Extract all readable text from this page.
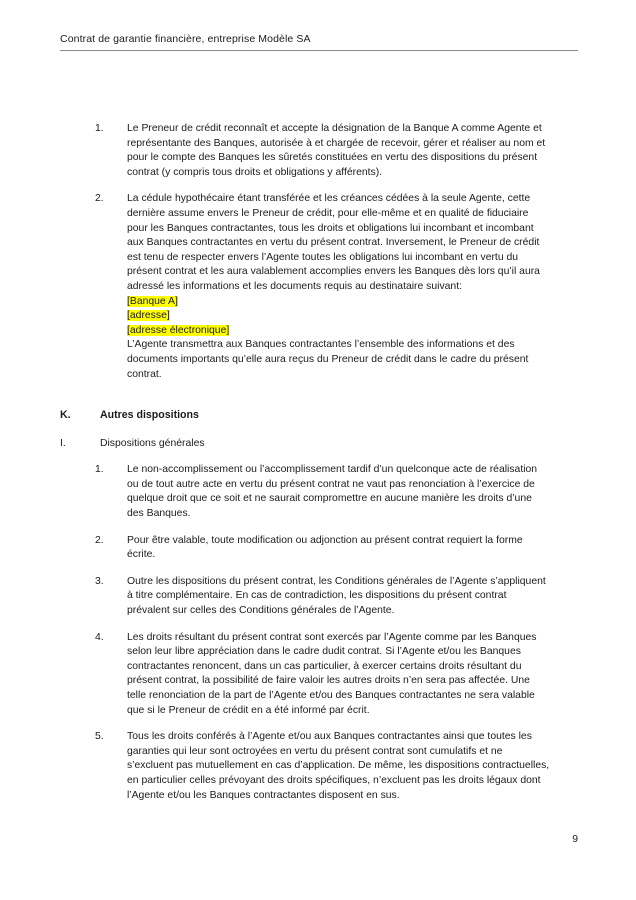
Contrat de garantie financière, entreprise Modèle SA
1.	Le Preneur de crédit reconnaît et accepte la désignation de la Banque A comme Agente et représentante des Banques, autorisée à et chargée de recevoir, gérer et réaliser au nom et pour le compte des Banques les sûretés constituées en vertu des dispositions du présent contrat (y compris tous droits et obligations y afférents).

2.	La cédule hypothécaire étant transférée et les créances cédées à la seule Agente, cette dernière assume envers le Preneur de crédit, pour elle-même et en qualité de fiduciaire pour les Banques contractantes, tous les droits et obligations lui incombant et incombant aux Banques contractantes en vertu du présent contrat. Inversement, le Preneur de crédit est tenu de respecter envers l’Agente toutes les obligations lui incombant en vertu du présent contrat et les aura valablement accomplies envers les Banques dès lors qu’il aura adressé les informations et les documents requis au destinataire suivant:

[Banque A]
[adresse]
[adresse électronique]

L’Agente transmettra aux Banques contractantes l’ensemble des informations et des documents importants qu’elle aura reçus du Preneur de crédit dans le cadre du présent contrat.

K.	Autres dispositions
I.	Dispositions générales
1.	Le non-accomplissement ou l’accomplissement tardif d’un quelconque acte de réalisation ou de tout autre acte en vertu du présent contrat ne vaut pas renonciation à l’exercice de quelque droit que ce soit et ne saurait compromettre en aucune manière les droits d’une des Banques.

2.	Pour être valable, toute modification ou adjonction au présent contrat requiert la forme écrite.

3.	Outre les dispositions du présent contrat, les Conditions générales de l’Agente s’appliquent à titre complémentaire. En cas de contradiction, les dispositions du présent contrat prévalent sur celles des Conditions générales de l’Agente.

4.	Les droits résultant du présent contrat sont exercés par l’Agente comme par les Banques selon leur libre appréciation dans le cadre dudit contrat. Si l’Agente et/ou les Banques contractantes renoncent, dans un cas particulier, à exercer certains droits résultant du présent contrat, la possibilité de faire valoir les autres droits n’en sera pas affectée. Une telle renonciation de la part de l’Agente et/ou des Banques contractantes ne sera valable que si le Preneur de crédit en a été informé par écrit.

5.	Tous les droits conférés à l’Agente et/ou aux Banques contractantes ainsi que toutes les garanties qui leur sont octroyées en vertu du présent contrat sont cumulatifs et ne s’excluent pas mutuellement en cas d’application. De même, les dispositions contractuelles, en particulier celles prévoyant des droits spécifiques, n’excluent pas les droits légaux dont l’Agente et/ou les Banques contractantes disposent en sus.

9
